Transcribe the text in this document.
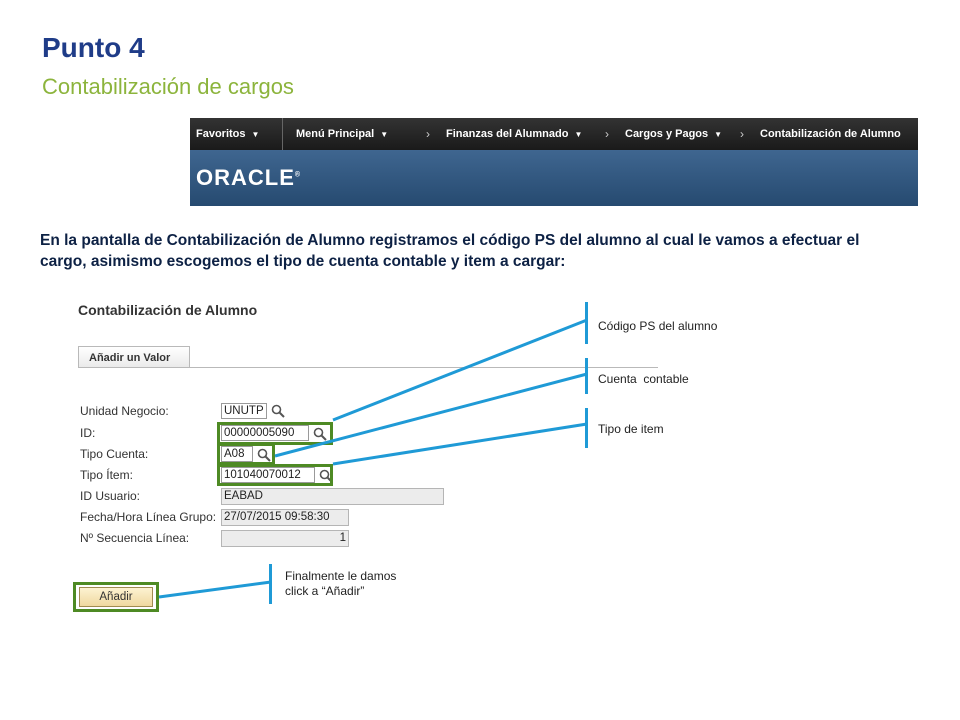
Punto 4
Contabilización de cargos
Favoritos ▼	Menú Principal ▼	› Finanzas del Alumnado ▼ › Cargos y Pagos ▼ › Contabilización de Alumno
ORACLE®
En la pantalla de Contabilización de Alumno registramos el código PS del alumno al cual le vamos a efectuar el cargo, asimismo escogemos el tipo de cuenta contable y item a cargar:
Contabilización de Alumno
Añadir un Valor
Unidad Negocio:
UNUTP
ID:
00000005090
Tipo Cuenta:
A08
Tipo Ítem:
101040070012
ID Usuario:	EABAD
Fecha/Hora Línea Grupo: 27/07/2015 09:58:30
Nº Secuencia Línea:	1
Añadir
Código PS del alumno
Cuenta  contable
Tipo de item
Finalmente le damos
click a “Añadir”
